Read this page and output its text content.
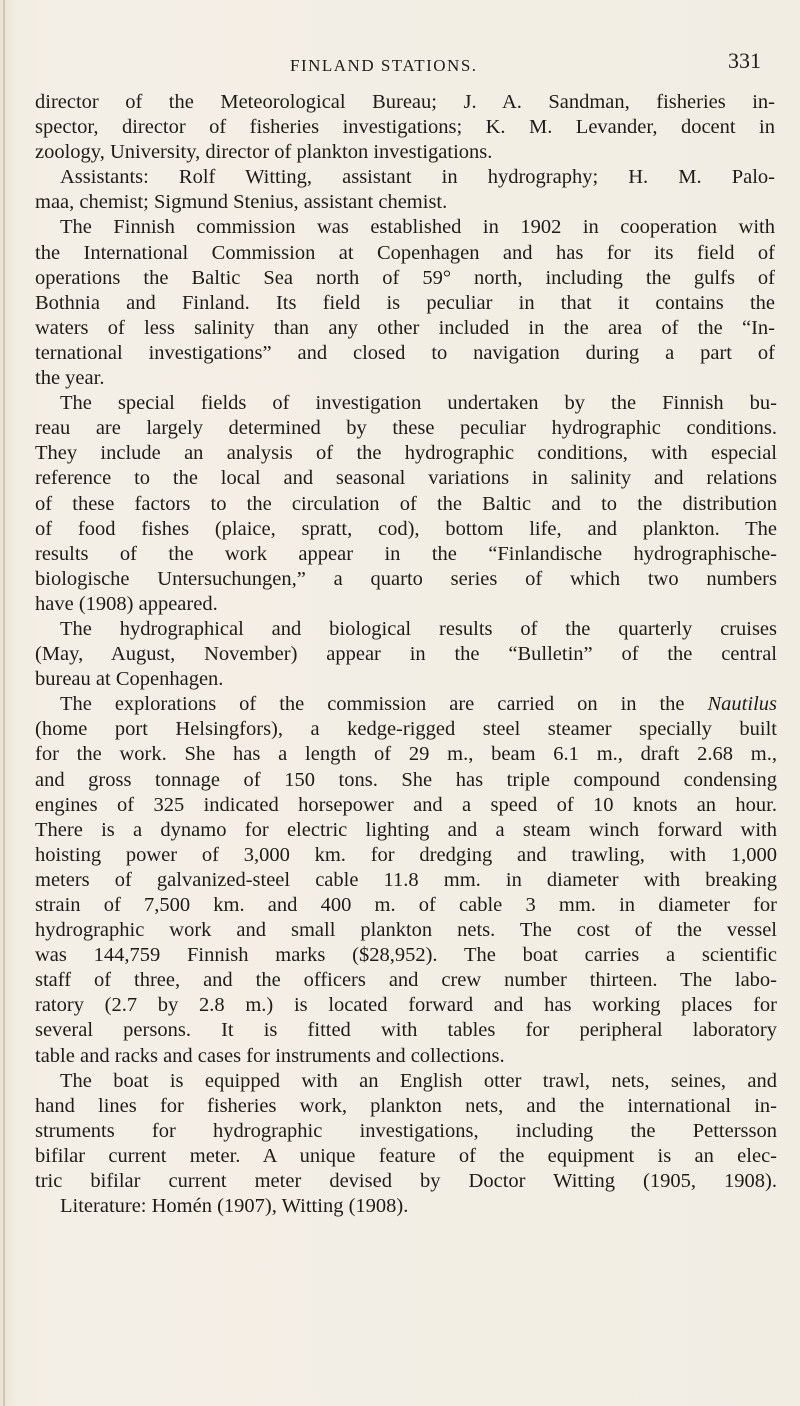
FINLAND STATIONS.	331
director of the Meteorological Bureau; J. A. Sandman, fisheries in-
spector, director of fisheries investigations; K. M. Levander, docent in
zoology, University, director of plankton investigations.
Assistants: Rolf Witting, assistant in hydrography; H. M. Palo-
maa, chemist; Sigmund Stenius, assistant chemist.
The Finnish commission was established in 1902 in cooperation with
the International Commission at Copenhagen and has for its field of
operations the Baltic Sea north of 59° north, including the gulfs of
Bothnia and Finland. Its field is peculiar in that it contains the
waters of less salinity than any other included in the area of the “In-
ternational investigations” and closed to navigation during a part of
the year.
The special fields of investigation undertaken by the Finnish bu-
reau are largely determined by these peculiar hydrographic conditions.
They include an analysis of the hydrographic conditions, with especial
reference to the local and seasonal variations in salinity and relations
of these factors to the circulation of the Baltic and to the distribution
of food fishes (plaice, spratt, cod), bottom life, and plankton. The
results of the work appear in the “Finlandische hydrographische-
biologische Untersuchungen,” a quarto series of which two numbers
have (1908) appeared.
The hydrographical and biological results of the quarterly cruises
(May, August, November) appear in the “Bulletin” of the central
bureau at Copenhagen.
The explorations of the commission are carried on in the Nautilus
(home port Helsingfors), a kedge-rigged steel steamer specially built
for the work. She has a length of 29 m., beam 6.1 m., draft 2.68 m.,
and gross tonnage of 150 tons. She has triple compound condensing
engines of 325 indicated horsepower and a speed of 10 knots an hour.
There is a dynamo for electric lighting and a steam winch forward with
hoisting power of 3,000 km. for dredging and trawling, with 1,000
meters of galvanized-steel cable 11.8 mm. in diameter with breaking
strain of 7,500 km. and 400 m. of cable 3 mm. in diameter for
hydrographic work and small plankton nets. The cost of the vessel
was 144,759 Finnish marks ($28,952). The boat carries a scientific
staff of three, and the officers and crew number thirteen. The labo-
ratory (2.7 by 2.8 m.) is located forward and has working places for
several persons. It is fitted with tables for peripheral laboratory
table and racks and cases for instruments and collections.
The boat is equipped with an English otter trawl, nets, seines, and
hand lines for fisheries work, plankton nets, and the international in-
struments for hydrographic investigations, including the Pettersson
bifilar current meter. A unique feature of the equipment is an elec-
tric bifilar current meter devised by Doctor Witting (1905, 1908).
Literature: Homén (1907), Witting (1908).
